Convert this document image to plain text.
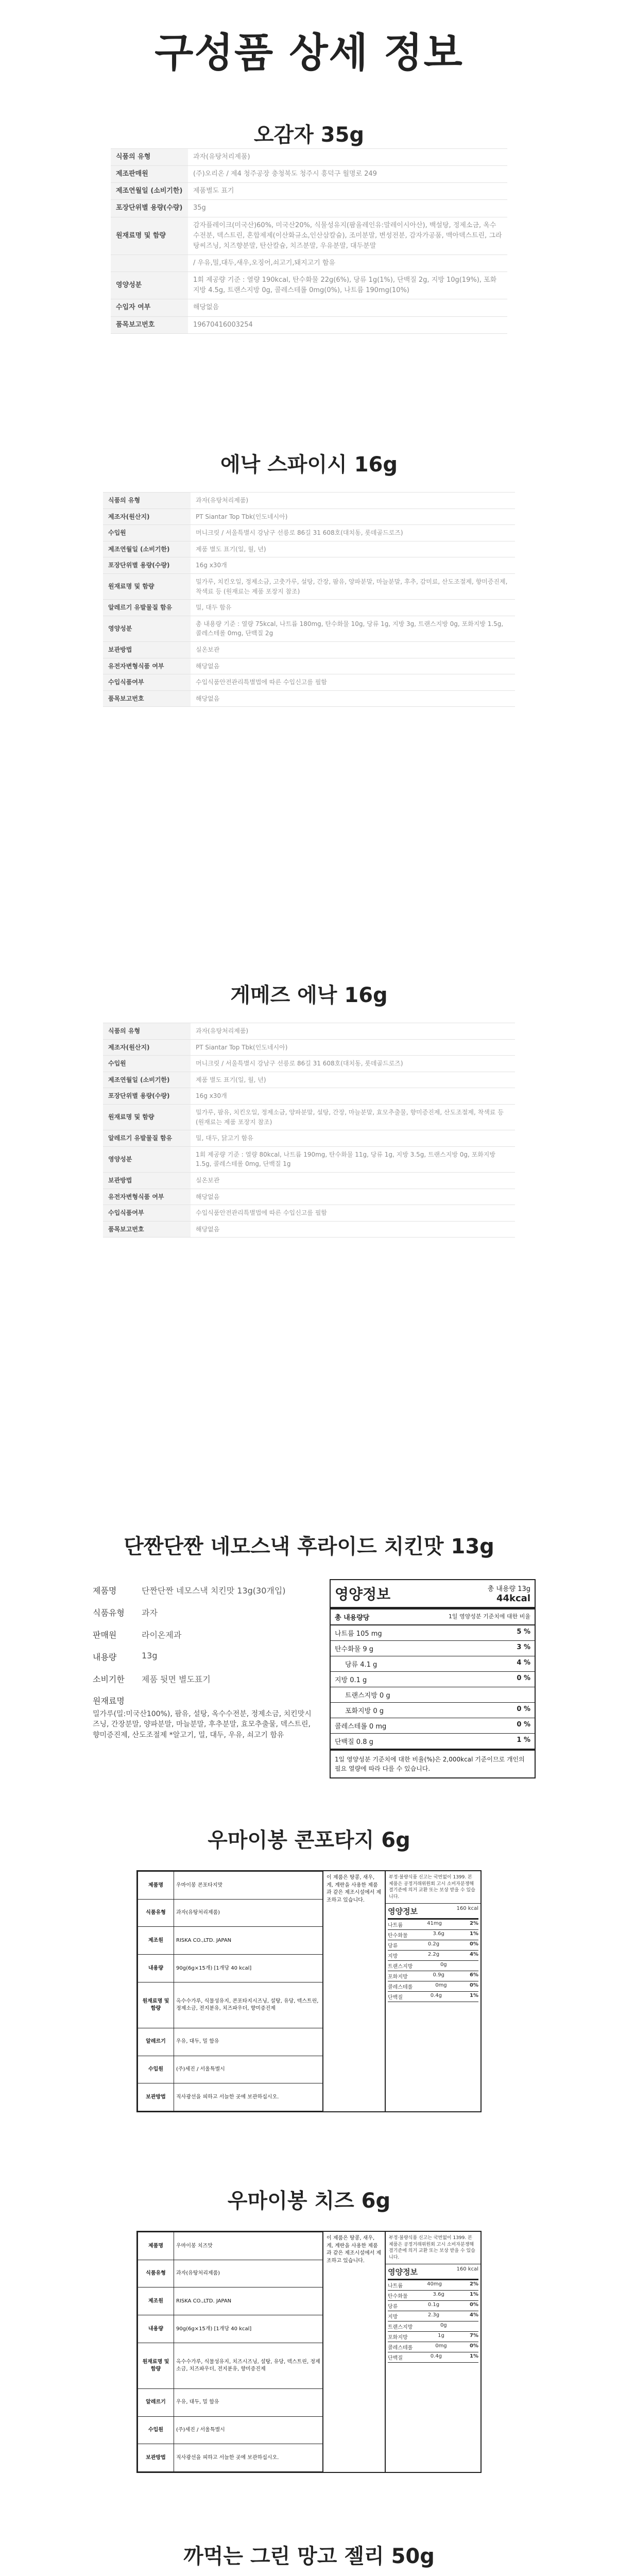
구성품 상세 정보
오감자 35g
식품의 유형	과자(유탕처리제품)
제조판매원	(주)오리온 / 제4 청주공장 충청북도 청주시 흥덕구 월명로 249
제조연월일 (소비기한)	제품별도 표기
포장단위별 용량(수량)	35g
원재료명 및 함량	감자플레이크(미국산)60%, 미국산20%, 식물성유지(팜올레인유:말레이시아산), 백설탕, 정제소금, 옥수수전분, 덱스트린, 혼합제제(이산화규소,인산삼칼슘), 조미분말, 변성전분, 감자가공품, 맥아덱스트린, 그라탕씨즈닝, 치즈향분말, 탄산칼슘, 치즈분말, 우유분말, 대두분말
	/ 우유,밀,대두,새우,오징어,쇠고기,돼지고기 함유
영양성분	1회 제공량 기준 : 열량 190kcal, 탄수화물 22g(6%), 당류 1g(1%), 단백질 2g, 지방 10g(19%), 포화지방 4.5g, 트랜스지방 0g, 콜레스테롤 0mg(0%), 나트륨 190mg(10%)
수입자 여부	해당없음
품목보고번호	19670416003254
에낙 스파이시 16g
식품의 유형	과자(유탕처리제품)
제조자(원산지)	PT Siantar Top Tbk(인도네시아)
수입원	머니크릿 / 서울특별시 강남구 선릉로 86길 31 608호(대치동, 롯데골드로즈)
제조연월일 (소비기한)	제품 별도 표기(일, 월, 년)
포장단위별 용량(수량)	16g x30개
원재료명 및 함량	밀가루, 치킨오일, 정제소금, 고춧가루, 설탕, 간장, 팜유, 양파분말, 마늘분말, 후추, 감미료, 산도조절제, 향미증진제, 착색료 등 (원재료는 제품 포장지 참조)
알레르기 유발물질 함유	밀, 대두 함유
영양성분	총 내용량 기준 : 열량 75kcal, 나트륨 180mg, 탄수화물 10g, 당류 1g, 지방 3g, 트랜스지방 0g, 포화지방 1.5g, 콜레스테롤 0mg, 단백질 2g
보관방법	실온보관
유전자변형식품 여부	해당없음
수입식품여부	수입식품안전관리특별법에 따른 수입신고를 필함
품목보고번호	해당없음
게메즈 에낙 16g
식품의 유형	과자(유탕처리제품)
제조자(원산지)	PT Siantar Top Tbk(인도네시아)
수입원	머니크릿 / 서울특별시 강남구 선릉로 86길 31 608호(대치동, 롯데골드로즈)
제조연월일 (소비기한)	제품 별도 표기(일, 월, 년)
포장단위별 용량(수량)	16g x30개
원재료명 및 함량	밀가루, 팜유, 치킨오일, 정제소금, 양파분말, 설탕, 간장, 마늘분말, 효모추출물, 향미증진제, 산도조절제, 착색료 등 (원재료는 제품 포장지 참조)
알레르기 유발물질 함유	밀, 대두, 닭고기 함유
영양성분	1회 제공량 기준 : 열량 80kcal, 나트륨 190mg, 탄수화물 11g, 당류 1g, 지방 3.5g, 트랜스지방 0g, 포화지방 1.5g, 콜레스테롤 0mg, 단백질 1g
보관방법	실온보관
유전자변형식품 여부	해당없음
수입식품여부	수입식품안전관리특별법에 따른 수입신고를 필함
품목보고번호	해당없음
단짠단짠 네모스낵 후라이드 치킨맛 13g
제품명	단짠단짠 네모스낵 치킨맛 13g(30개입)
식품유형	과자
판매원	라이온제과
내용량	13g
소비기한	제품 뒷면 별도표기
원재료명
밀가루(밀:미국산100%), 팜유, 설탕, 옥수수전분, 정제소금, 치킨맛시즈닝, 간장분말, 양파분말, 마늘분말, 후추분말, 효모추출물, 덱스트린, 향미증진제, 산도조절제 *알고기, 밀, 대두, 우유, 쇠고기 함유
영양정보	총 내용량 13g
44kcal
총 내용량당	1일 영양성분 기준치에 대한 비율
나트륨 105 mg	5 %
탄수화물 9 g	3 %
당류 4.1 g	4 %
지방 0.1 g	0 %
트랜스지방 0 g
포화지방 0 g	0 %
콜레스테롤 0 mg	0 %
단백질 0.8 g	1 %
1일 영양성분 기준치에 대한 비율(%)은 2,000kcal 기준이므로 개인의 필요 열량에 따라 다를 수 있습니다.
우마이봉 콘포타지 6g
제품명	우마이봉 콘포타지맛
식품유형	과자(유탕처리제품)
제조원	RISKA CO.,LTD. JAPAN
내용량	90g(6g×15개) [1개당 40 kcal]
원재료명 및 함량	옥수수가루, 식물성유지, 콘포타지시즈닝, 설탕, 유당, 덱스트린, 정제소금, 전지분유, 치즈파우더, 향미증진제
알레르기	우유, 대두, 밀 함유
수입원	(주)세진 / 서울특별시
보관방법	직사광선을 피하고 서늘한 곳에 보관하십시오.
이 제품은 땅콩, 새우, 게, 계란을 사용한 제품과 같은 제조시설에서 제조하고 있습니다.
부정·불량식품 신고는 국번없이 1399. 본 제품은 공정거래위원회 고시 소비자분쟁해결기준에 의거 교환 또는 보상 받을 수 있습니다.
영양정보	160 kcal
나트륨	41mg	2%
탄수화물	3.6g	1%
당류	0.2g	0%
지방	2.2g	4%
트랜스지방	0g
포화지방	0.9g	6%
콜레스테롤	0mg	0%
단백질	0.4g	1%
우마이봉 치즈 6g
제품명	우마이봉 치즈맛
식품유형	과자(유탕처리제품)
제조원	RISKA CO.,LTD. JAPAN
내용량	90g(6g×15개) [1개당 40 kcal]
원재료명 및 함량	옥수수가루, 식물성유지, 치즈시즈닝, 설탕, 유당, 덱스트린, 정제소금, 치즈파우더, 전지분유, 향미증진제
알레르기	우유, 대두, 밀 함유
수입원	(주)세진 / 서울특별시
보관방법	직사광선을 피하고 서늘한 곳에 보관하십시오.
이 제품은 땅콩, 새우, 게, 계란을 사용한 제품과 같은 제조시설에서 제조하고 있습니다.
부정·불량식품 신고는 국번없이 1399. 본 제품은 공정거래위원회 고시 소비자분쟁해결기준에 의거 교환 또는 보상 받을 수 있습니다.
영양정보	160 kcal
나트륨	40mg	2%
탄수화물	3.6g	1%
당류	0.1g	0%
지방	2.3g	4%
트랜스지방	0g
포화지방	1g	7%
콜레스테롤	0mg	0%
단백질	0.4g	1%
까먹는 그린 망고 젤리 50g
